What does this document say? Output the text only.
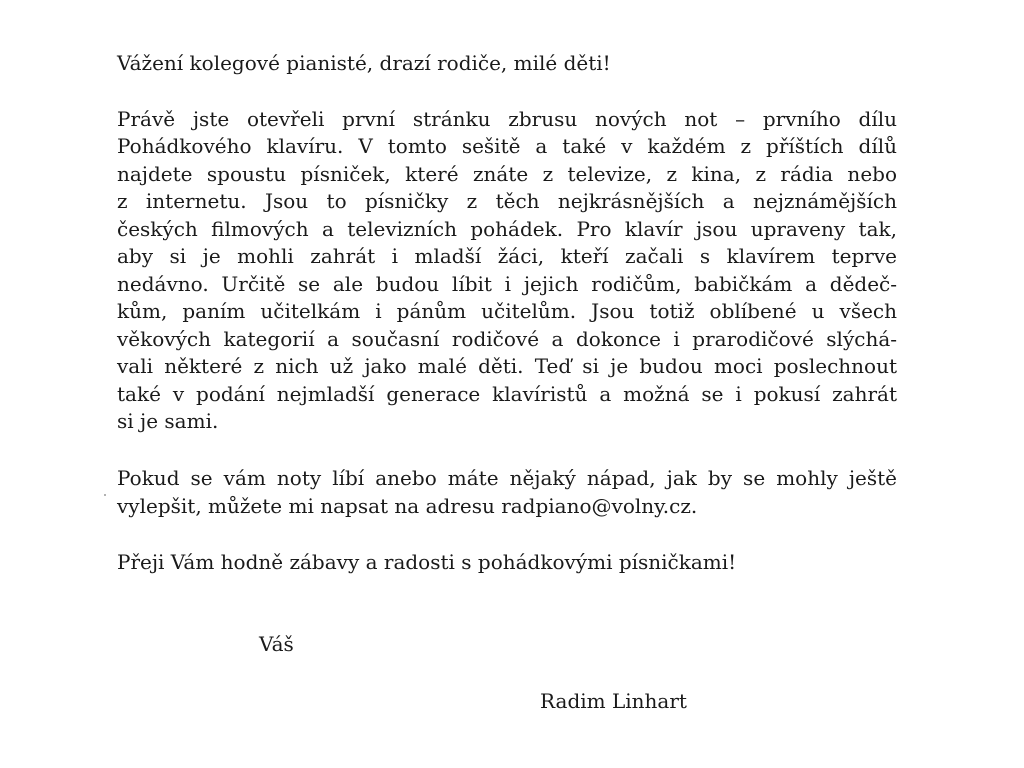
Vážení kolegové pianisté, drazí rodiče, milé děti!
Právě jste otevřeli první stránku zbrusu nových not – prvního dílu
Pohádkového klavíru. V tomto sešitě a také v každém z příštích dílů
najdete spoustu písniček, které znáte z televize, z kina, z rádia nebo
z internetu. Jsou to písničky z těch nejkrásnějších a nejznámějších
českých filmových a televizních pohádek. Pro klavír jsou upraveny tak,
aby si je mohli zahrát i mladší žáci, kteří začali s klavírem teprve
nedávno. Určitě se ale budou líbit i jejich rodičům, babičkám a dědeč-
kům, paním učitelkám i pánům učitelům. Jsou totiž oblíbené u všech
věkových kategorií a současní rodičové a dokonce i prarodičové slýchá-
vali některé z nich už jako malé děti. Teď si je budou moci poslechnout
také v podání nejmladší generace klavíristů a možná se i pokusí zahrát
si je sami.
Pokud se vám noty líbí anebo máte nějaký nápad, jak by se mohly ještě
vylepšit, můžete mi napsat na adresu radpiano@volny.cz.
Přeji Vám hodně zábavy a radosti s pohádkovými písničkami!
Váš
Radim Linhart
